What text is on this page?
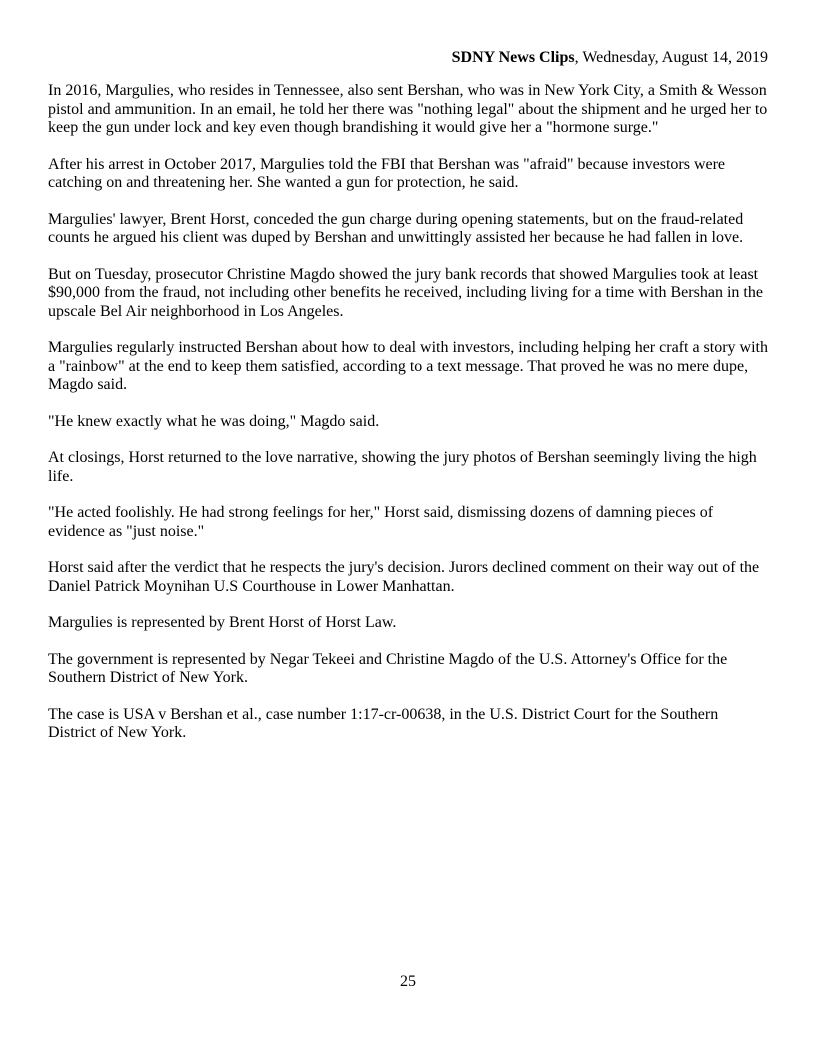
SDNY News Clips, Wednesday, August 14, 2019

In 2016, Margulies, who resides in Tennessee, also sent Bershan, who was in New York City, a Smith & Wesson pistol and ammunition. In an email, he told her there was "nothing legal" about the shipment and he urged her to keep the gun under lock and key even though brandishing it would give her a "hormone surge."

After his arrest in October 2017, Margulies told the FBI that Bershan was "afraid" because investors were catching on and threatening her. She wanted a gun for protection, he said.

Margulies' lawyer, Brent Horst, conceded the gun charge during opening statements, but on the fraud-related counts he argued his client was duped by Bershan and unwittingly assisted her because he had fallen in love.

But on Tuesday, prosecutor Christine Magdo showed the jury bank records that showed Margulies took at least $90,000 from the fraud, not including other benefits he received, including living for a time with Bershan in the upscale Bel Air neighborhood in Los Angeles.

Margulies regularly instructed Bershan about how to deal with investors, including helping her craft a story with a "rainbow" at the end to keep them satisfied, according to a text message. That proved he was no mere dupe, Magdo said.

"He knew exactly what he was doing," Magdo said.

At closings, Horst returned to the love narrative, showing the jury photos of Bershan seemingly living the high life.

"He acted foolishly. He had strong feelings for her," Horst said, dismissing dozens of damning pieces of evidence as "just noise."

Horst said after the verdict that he respects the jury's decision. Jurors declined comment on their way out of the Daniel Patrick Moynihan U.S Courthouse in Lower Manhattan.

Margulies is represented by Brent Horst of Horst Law.

The government is represented by Negar Tekeei and Christine Magdo of the U.S. Attorney's Office for the Southern District of New York.

The case is USA v Bershan et al., case number 1:17-cr-00638, in the U.S. District Court for the Southern District of New York.

25
